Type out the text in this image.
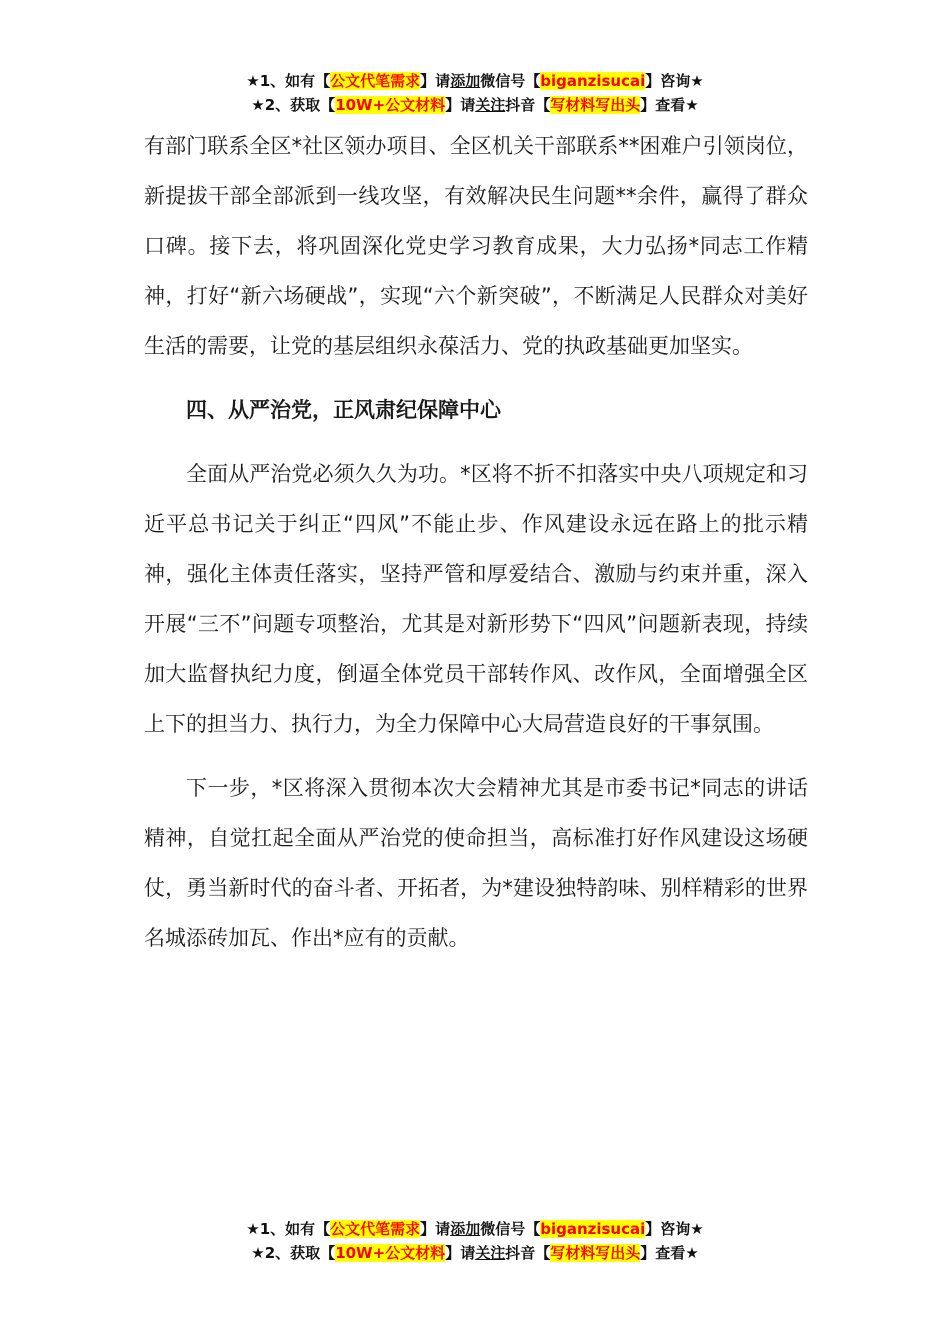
★1、如有【公文代笔需求】请添加微信号【biganzisucai】咨询★
★2、获取【10W+公文材料】请关注抖音【写材料写出头】查看★

有部门联系全区*社区领办项目、全区机关干部联系**困难户引领岗位，新提拔干部全部派到一线攻坚，有效解决民生问题**余件，赢得了群众口碑。接下去，将巩固深化党史学习教育成果，大力弘扬*同志工作精神，打好“新六场硬战”，实现“六个新突破”，不断满足人民群众对美好生活的需要，让党的基层组织永葆活力、党的执政基础更加坚实。

四、从严治党，正风肃纪保障中心

全面从严治党必须久久为功。*区将不折不扣落实中央八项规定和习近平总书记关于纠正“四风”不能止步、作风建设永远在路上的批示精神，强化主体责任落实，坚持严管和厚爱结合、激励与约束并重，深入开展“三不”问题专项整治，尤其是对新形势下“四风”问题新表现，持续加大监督执纪力度，倒逼全体党员干部转作风、改作风，全面增强全区上下的担当力、执行力，为全力保障中心大局营造良好的干事氛围。

下一步，*区将深入贯彻本次大会精神尤其是市委书记*同志的讲话精神，自觉扛起全面从严治党的使命担当，高标准打好作风建设这场硬仗，勇当新时代的奋斗者、开拓者，为*建设独特韵味、别样精彩的世界名城添砖加瓦、作出*应有的贡献。

★1、如有【公文代笔需求】请添加微信号【biganzisucai】咨询★
★2、获取【10W+公文材料】请关注抖音【写材料写出头】查看★
